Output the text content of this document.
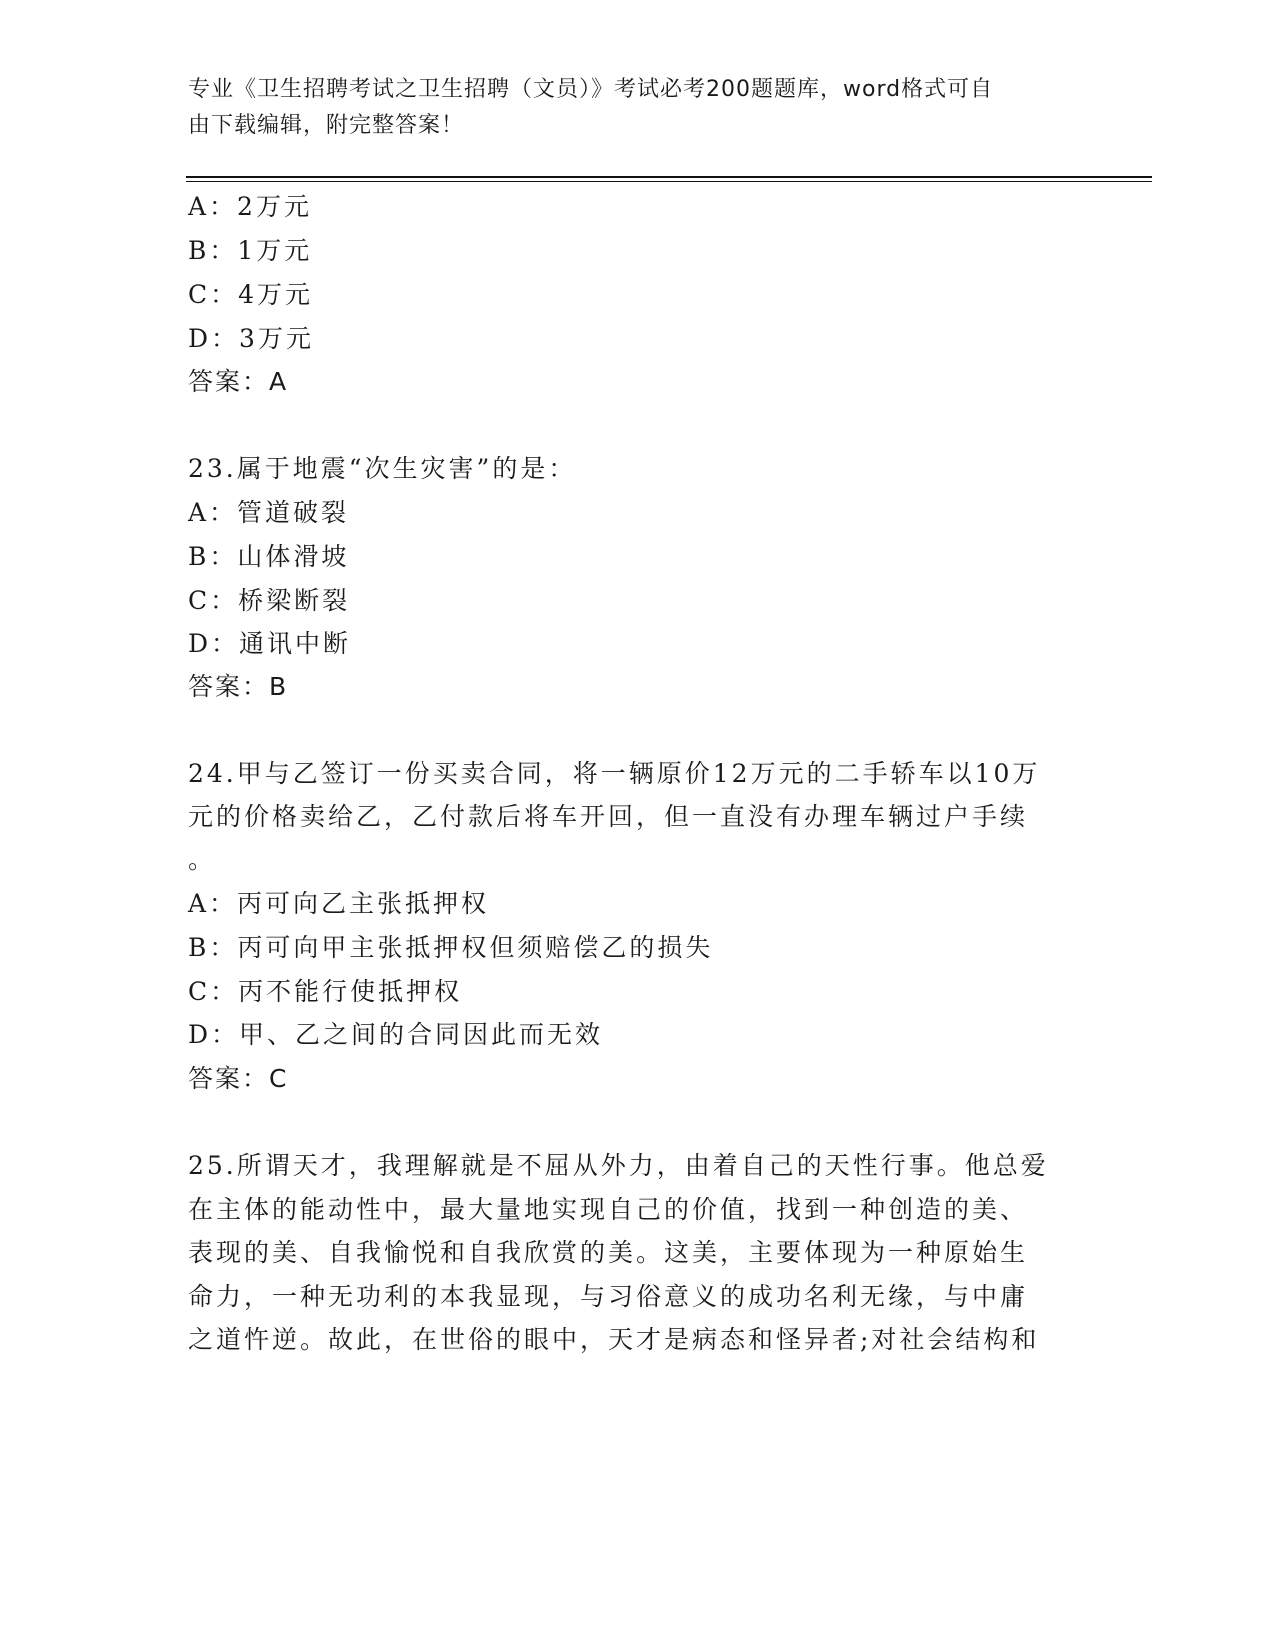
专业《卫生招聘考试之卫生招聘（文员）》考试必考200题题库，word格式可自
由下载编辑，附完整答案！
A：2万元
B：1万元
C：4万元
D：3万元
答案：A
23.属于地震“次生灾害”的是：
A：管道破裂
B：山体滑坡
C：桥梁断裂
D：通讯中断
答案：B
24.甲与乙签订一份买卖合同，将一辆原价12万元的二手轿车以10万
元的价格卖给乙，乙付款后将车开回，但一直没有办理车辆过户手续
。
A：丙可向乙主张抵押权
B：丙可向甲主张抵押权但须赔偿乙的损失
C：丙不能行使抵押权
D：甲、乙之间的合同因此而无效
答案：C
25.所谓天才，我理解就是不屈从外力，由着自己的天性行事。他总爱
在主体的能动性中，最大量地实现自己的价值，找到一种创造的美、
表现的美、自我愉悦和自我欣赏的美。这美，主要体现为一种原始生
命力，一种无功利的本我显现，与习俗意义的成功名利无缘，与中庸
之道忤逆。故此，在世俗的眼中，天才是病态和怪异者;对社会结构和
